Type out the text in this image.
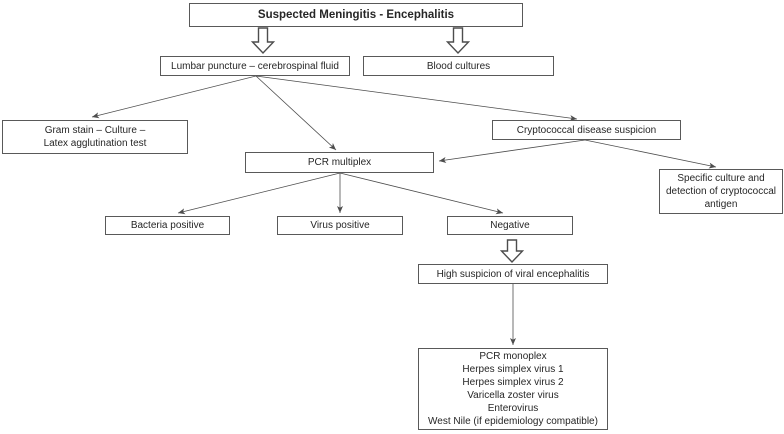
Suspected Meningitis - Encephalitis
Lumbar puncture – cerebrospinal fluid	Blood cultures
Gram stain – Culture –
Latex agglutination test
Cryptococcal disease suspicion
PCR multiplex
Specific culture and
detection of cryptococcal
antigen
Bacteria positive	Virus positive	Negative
High suspicion of viral encephalitis
PCR monoplex
Herpes simplex virus 1
Herpes simplex virus 2
Varicella zoster virus
Enterovirus
West Nile (if epidemiology compatible)
